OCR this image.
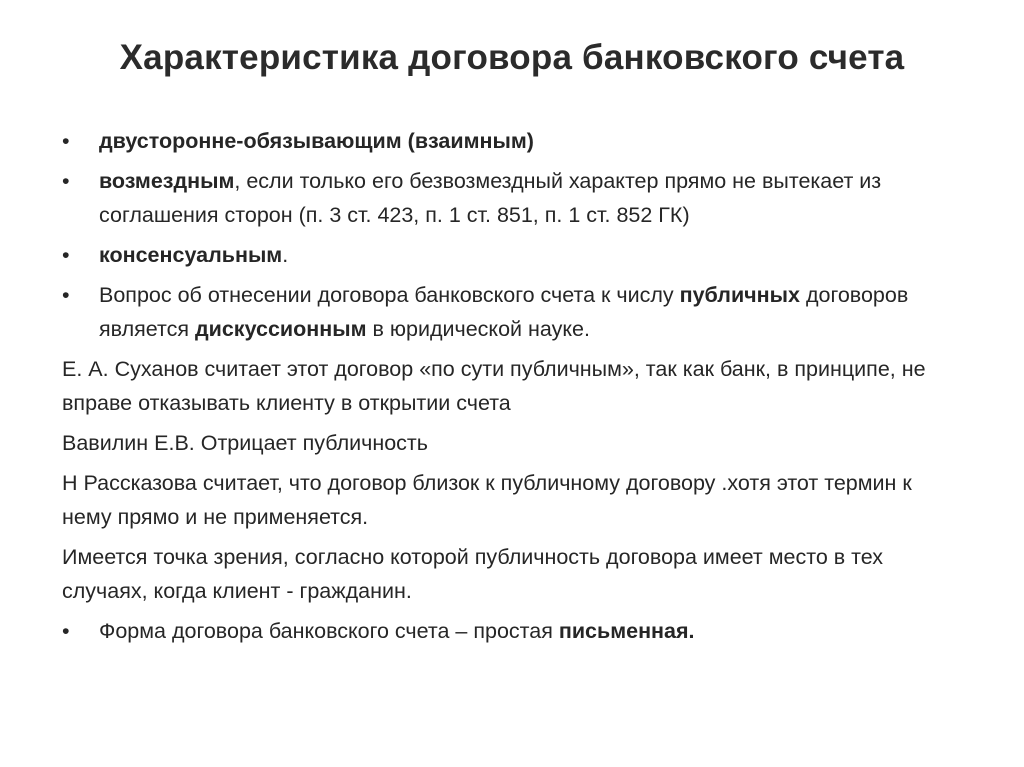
Характеристика договора банковского счета
•	двусторонне-обязывающим (взаимным)
•	возмездным, если только его безвозмездный характер прямо не вытекает из соглашения сторон (п. 3 ст. 423, п. 1 ст. 851, п. 1 ст. 852 ГК)
•	консенсуальным.
•	Вопрос об отнесении договора банковского счета к числу публичных договоров является дискуссионным в юридической науке.
Е. А. Суханов считает этот договор «по сути публичным», так как банк, в принципе, не вправе отказывать клиенту в открытии счета
Вавилин Е.В. Отрицает публичность
Н Рассказова считает, что договор близок к публичному договору .хотя этот термин к нему прямо и не применяется.
Имеется точка зрения, согласно которой публичность договора имеет место в тех случаях, когда клиент - гражданин.
•	Форма договора банковского счета – простая письменная.
